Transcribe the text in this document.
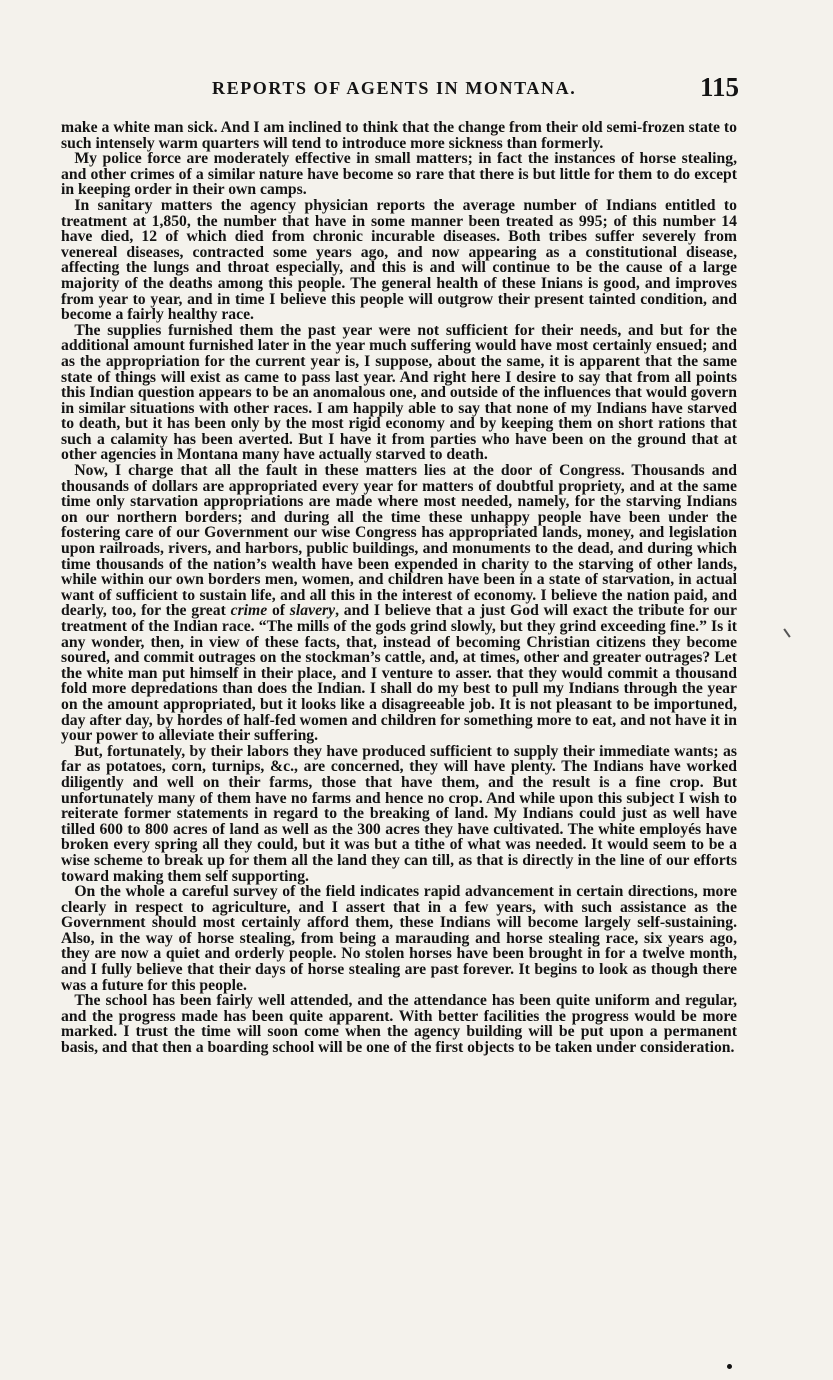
REPORTS OF AGENTS IN MONTANA.	115

make a white man sick. And I am inclined to think that the change from their old semi-frozen state to such intensely warm quarters will tend to introduce more sickness than formerly.

My police force are moderately effective in small matters; in fact the instances of horse stealing, and other crimes of a similar nature have become so rare that there is but little for them to do except in keeping order in their own camps.

In sanitary matters the agency physician reports the average number of Indians entitled to treatment at 1,850, the number that have in some manner been treated as 995; of this number 14 have died, 12 of which died from chronic incurable diseases. Both tribes suffer severely from venereal diseases, contracted some years ago, and now appearing as a constitutional disease, affecting the lungs and throat especially, and this is and will continue to be the cause of a large majority of the deaths among this people. The general health of these Inians is good, and improves from year to year, and in time I believe this people will outgrow their present tainted condition, and become a fairly healthy race.

The supplies furnished them the past year were not sufficient for their needs, and but for the additional amount furnished later in the year much suffering would have most certainly ensued; and as the appropriation for the current year is, I suppose, about the same, it is apparent that the same state of things will exist as came to pass last year. And right here I desire to say that from all points this Indian question appears to be an anomalous one, and outside of the influences that would govern in similar situations with other races. I am happily able to say that none of my Indians have starved to death, but it has been only by the most rigid economy and by keeping them on short rations that such a calamity has been averted. But I have it from parties who have been on the ground that at other agencies in Montana many have actually starved to death.

Now, I charge that all the fault in these matters lies at the door of Congress. Thousands and thousands of dollars are appropriated every year for matters of doubtful propriety, and at the same time only starvation appropriations are made where most needed, namely, for the starving Indians on our northern borders; and during all the time these unhappy people have been under the fostering care of our Government our wise Congress has appropriated lands, money, and legislation upon railroads, rivers, and harbors, public buildings, and monuments to the dead, and during which time thousands of the nation’s wealth have been expended in charity to the starving of other lands, while within our own borders men, women, and children have been in a state of starvation, in actual want of sufficient to sustain life, and all this in the interest of economy. I believe the nation paid, and dearly, too, for the great crime of slavery, and I believe that a just God will exact the tribute for our treatment of the Indian race. “The mills of the gods grind slowly, but they grind exceeding fine.” Is it any wonder, then, in view of these facts, that, instead of becoming Christian citizens they become soured, and commit outrages on the stockman’s cattle, and, at times, other and greater outrages? Let the white man put himself in their place, and I venture to asser. that they would commit a thousand fold more depredations than does the Indian. I shall do my best to pull my Indians through the year on the amount appropriated, but it looks like a disagreeable job. It is not pleasant to be importuned, day after day, by hordes of half-fed women and children for something more to eat, and not have it in your power to alleviate their suffering.

But, fortunately, by their labors they have produced sufficient to supply their immediate wants; as far as potatoes, corn, turnips, &c., are concerned, they will have plenty. The Indians have worked diligently and well on their farms, those that have them, and the result is a fine crop. But unfortunately many of them have no farms and hence no crop. And while upon this subject I wish to reiterate former statements in regard to the breaking of land. My Indians could just as well have tilled 600 to 800 acres of land as well as the 300 acres they have cultivated. The white employés have broken every spring all they could, but it was but a tithe of what was needed. It would seem to be a wise scheme to break up for them all the land they can till, as that is directly in the line of our efforts toward making them self supporting.

On the whole a careful survey of the field indicates rapid advancement in certain directions, more clearly in respect to agriculture, and I assert that in a few years, with such assistance as the Government should most certainly afford them, these Indians will become largely self-sustaining. Also, in the way of horse stealing, from being a marauding and horse stealing race, six years ago, they are now a quiet and orderly people. No stolen horses have been brought in for a twelve month, and I fully believe that their days of horse stealing are past forever. It begins to look as though there was a future for this people.

The school has been fairly well attended, and the attendance has been quite uniform and regular, and the progress made has been quite apparent. With better facilities the progress would be more marked. I trust the time will soon come when the agency building will be put upon a permanent basis, and that then a boarding school will be one of the first objects to be taken under consideration.
